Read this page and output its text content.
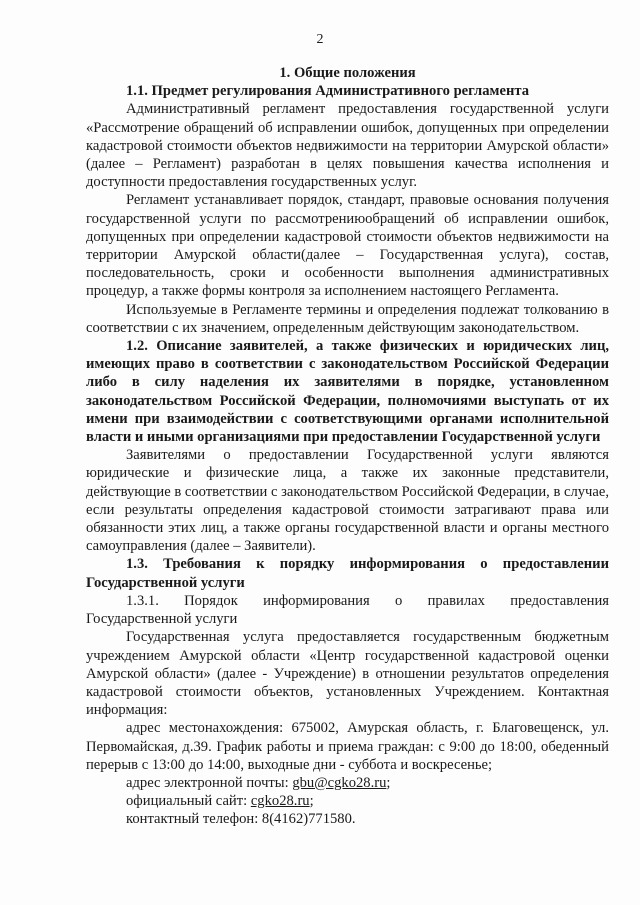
2

1. Общие положения

1.1. Предмет регулирования Административного регламента

Административный регламент предоставления государственной услуги «Рассмотрение обращений об исправлении ошибок, допущенных при определении кадастровой стоимости объектов недвижимости на территории Амурской области» (далее – Регламент) разработан в целях повышения качества исполнения и доступности предоставления государственных услуг.

Регламент устанавливает порядок, стандарт, правовые основания получения государственной услуги по рассмотрениюобращений об исправлении ошибок, допущенных при определении кадастровой стоимости объектов недвижимости на территории Амурской области(далее – Государственная услуга), состав, последовательность, сроки и особенности выполнения административных процедур, а также формы контроля за исполнением настоящего Регламента.

Используемые в Регламенте термины и определения подлежат толкованию в соответствии с их значением, определенным действующим законодательством.

1.2. Описание заявителей, а также физических и юридических лиц, имеющих право в соответствии с законодательством Российской Федерации либо в силу наделения их заявителями в порядке, установленном законодательством Российской Федерации, полномочиями выступать от их имени при взаимодействии с соответствующими органами исполнительной власти и иными организациями при предоставлении Государственной услуги

Заявителями о предоставлении Государственной услуги являются юридические и физические лица, а также их законные представители, действующие в соответствии с законодательством Российской Федерации, в случае, если результаты определения кадастровой стоимости затрагивают права или обязанности этих лиц, а также органы государственной власти и органы местного самоуправления (далее – Заявители).

1.3. Требования к порядку информирования о предоставлении Государственной услуги

1.3.1. Порядок информирования о правилах предоставления Государственной услуги

Государственная услуга предоставляется государственным бюджетным учреждением Амурской области «Центр государственной кадастровой оценки Амурской области» (далее - Учреждение) в отношении результатов определения кадастровой стоимости объектов, установленных Учреждением. Контактная информация:

адрес местонахождения: 675002, Амурская область, г. Благовещенск, ул. Первомайская, д.39. График работы и приема граждан: с 9:00 до 18:00, обеденный перерыв с 13:00 до 14:00, выходные дни - суббота и воскресенье;

адрес электронной почты: gbu@cgko28.ru;

официальный сайт: cgko28.ru;

контактный телефон: 8(4162)771580.
